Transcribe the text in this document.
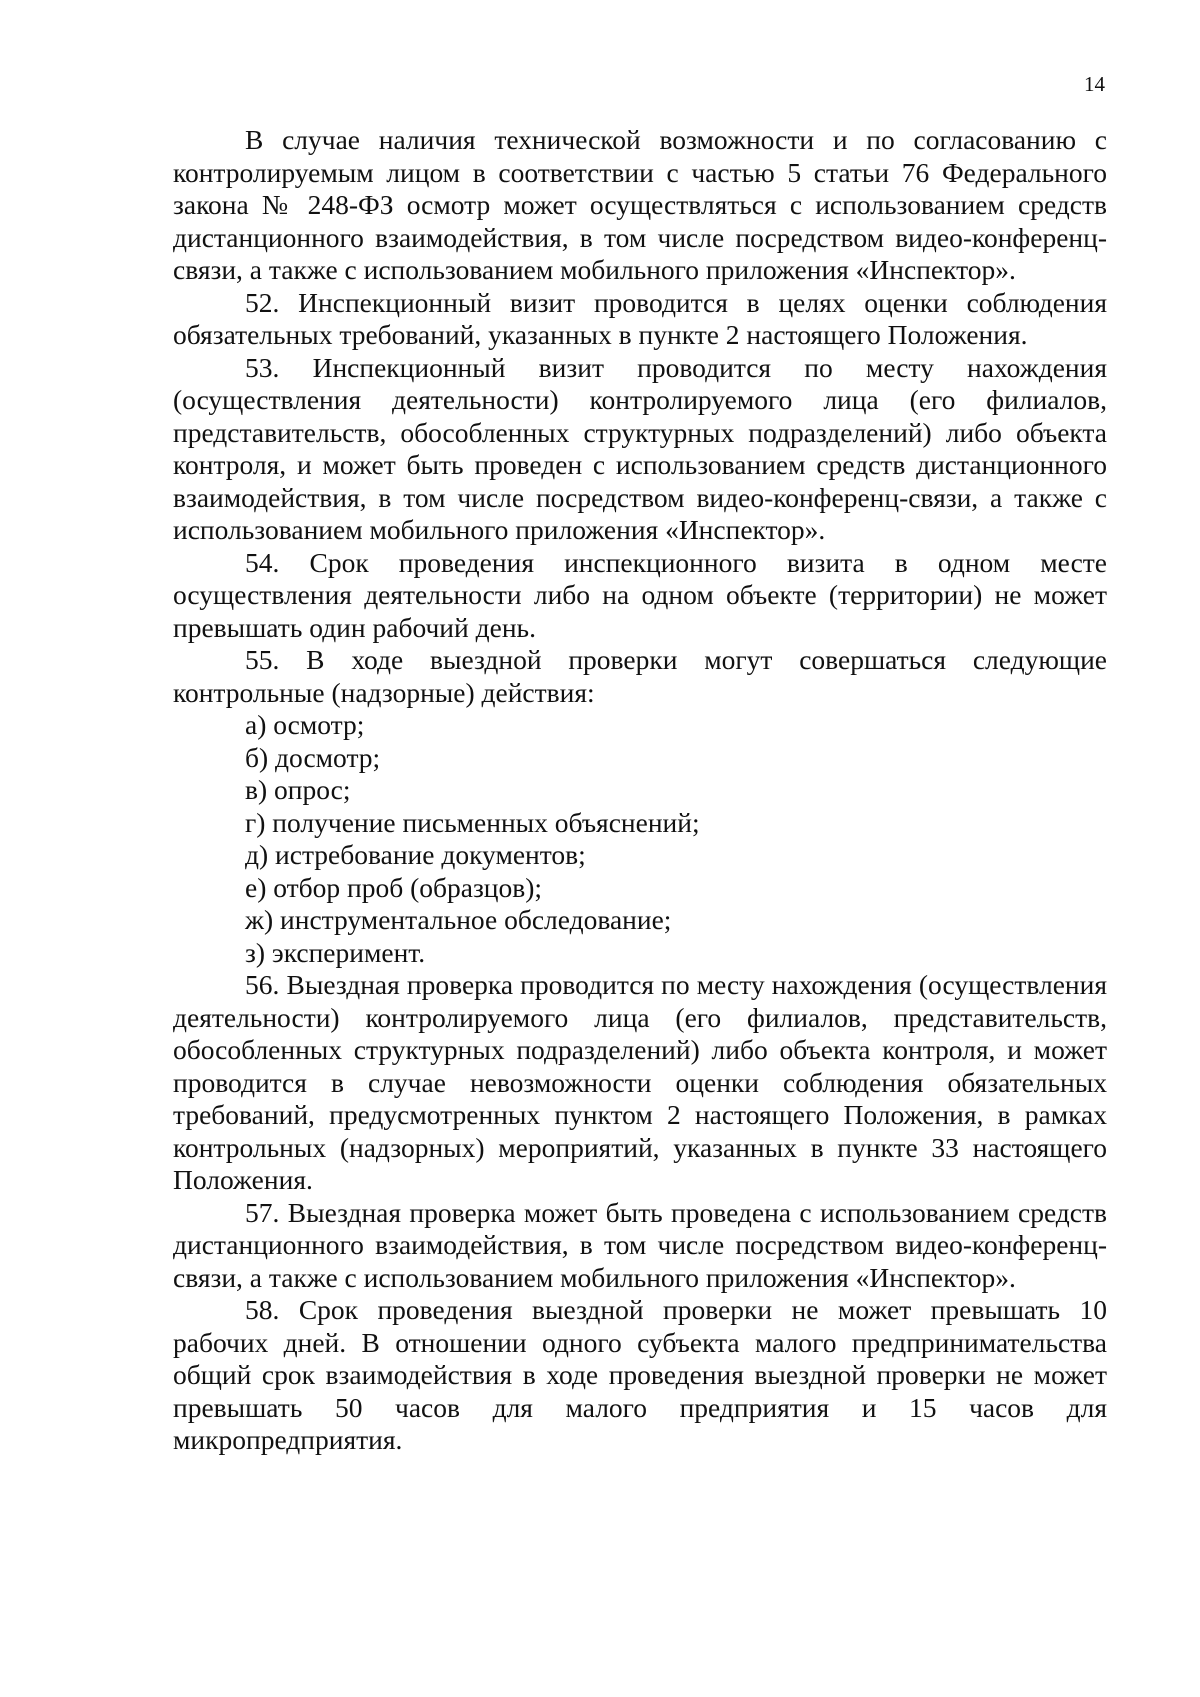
14

В случае наличия технической возможности и по согласованию с контролируемым лицом в соответствии с частью 5 статьи 76 Федерального закона № 248-ФЗ осмотр может осуществляться с использованием средств дистанционного взаимодействия, в том числе посредством видео-конференц-связи, а также с использованием мобильного приложения «Инспектор».

52. Инспекционный визит проводится в целях оценки соблюдения обязательных требований, указанных в пункте 2 настоящего Положения.

53. Инспекционный визит проводится по месту нахождения (осуществления деятельности) контролируемого лица (его филиалов, представительств, обособленных структурных подразделений) либо объекта контроля, и может быть проведен с использованием средств дистанционного взаимодействия, в том числе посредством видео-конференц-связи, а также с использованием мобильного приложения «Инспектор».

54. Срок проведения инспекционного визита в одном месте осуществления деятельности либо на одном объекте (территории) не может превышать один рабочий день.

55. В ходе выездной проверки могут совершаться следующие контрольные (надзорные) действия:

а) осмотр;

б) досмотр;

в) опрос;

г) получение письменных объяснений;

д) истребование документов;

е) отбор проб (образцов);

ж) инструментальное обследование;

з) эксперимент.

56. Выездная проверка проводится по месту нахождения (осуществления деятельности) контролируемого лица (его филиалов, представительств, обособленных структурных подразделений) либо объекта контроля, и может проводится в случае невозможности оценки соблюдения обязательных требований, предусмотренных пунктом 2 настоящего Положения, в рамках контрольных (надзорных) мероприятий, указанных в пункте 33 настоящего Положения.

57. Выездная проверка может быть проведена с использованием средств дистанционного взаимодействия, в том числе посредством видео-конференц-связи, а также с использованием мобильного приложения «Инспектор».

58. Срок проведения выездной проверки не может превышать 10 рабочих дней. В отношении одного субъекта малого предпринимательства общий срок взаимодействия в ходе проведения выездной проверки не может превышать 50 часов для малого предприятия и 15 часов для микропредприятия.
